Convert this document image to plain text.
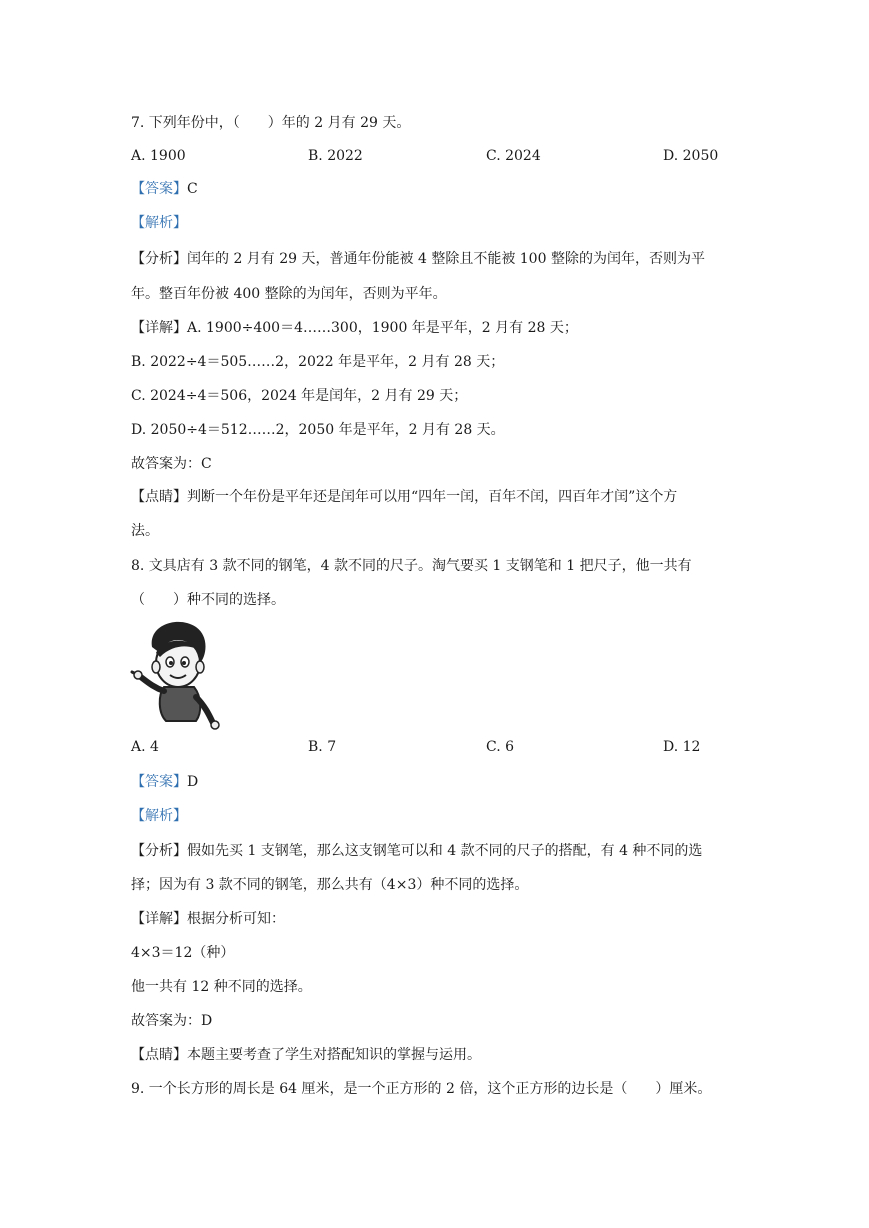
7. 下列年份中，（　　）年的 2 月有 29 天。
A. 1900	B. 2022	C. 2024	D. 2050
【答案】C
【解析】
【分析】闰年的 2 月有 29 天，普通年份能被 4 整除且不能被 100 整除的为闰年，否则为平
年。整百年份被 400 整除的为闰年，否则为平年。
【详解】A. 1900÷400＝4……300，1900 年是平年，2 月有 28 天；
B. 2022÷4＝505……2，2022 年是平年，2 月有 28 天；
C. 2024÷4＝506，2024 年是闰年，2 月有 29 天；
D. 2050÷4＝512……2，2050 年是平年，2 月有 28 天。
故答案为：C
【点睛】判断一个年份是平年还是闰年可以用“四年一闰，百年不闰，四百年才闰”这个方
法。
8. 文具店有 3 款不同的钢笔，4 款不同的尺子。淘气要买 1 支钢笔和 1 把尺子，他一共有
（　　）种不同的选择。
A. 4	B. 7	C. 6	D. 12
【答案】D
【解析】
【分析】假如先买 1 支钢笔，那么这支钢笔可以和 4 款不同的尺子的搭配，有 4 种不同的选
择；因为有 3 款不同的钢笔，那么共有（4×3）种不同的选择。
【详解】根据分析可知：
4×3＝12（种）
他一共有 12 种不同的选择。
故答案为：D
【点睛】本题主要考查了学生对搭配知识的掌握与运用。
9. 一个长方形的周长是 64 厘米，是一个正方形的 2 倍，这个正方形的边长是（　　）厘米。
